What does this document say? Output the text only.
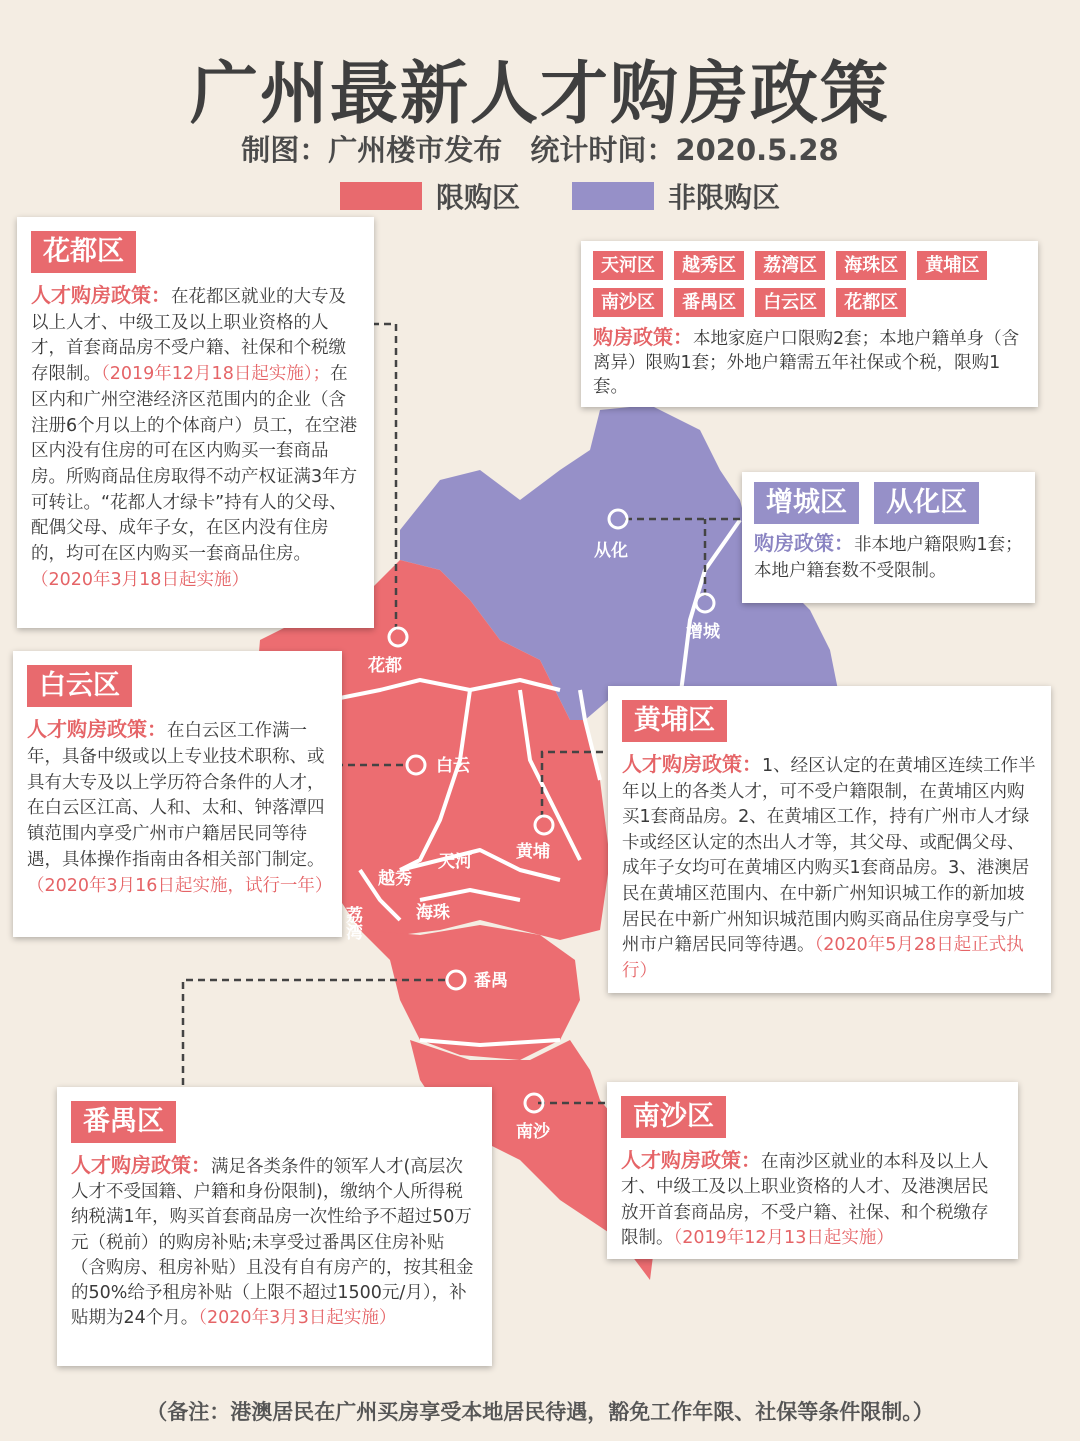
广州最新人才购房政策
制图：广州楼市发布 统计时间：2020.5.28
限购区	非限购区
从化
增城
花都
白云
黄埔
天河
越秀
荔湾	海珠
番禺
南沙
天河区 越秀区 荔湾区 海珠区 黄埔区 南沙区 番禺区 白云区 花都区
购房政策：本地家庭户口限购2套；本地户籍单身（含离异）限购1套；外地户籍需五年社保或个税，限购1套。
增城区 从化区
购房政策：非本地户籍限购1套；本地户籍套数不受限制。
花都区
人才购房政策：在花都区就业的大专及以上人才、中级工及以上职业资格的人才，首套商品房不受户籍、社保和个税缴存限制。（2019年12月18日起实施）；在区内和广州空港经济区范围内的企业（含注册6个月以上的个体商户）员工，在空港区内没有住房的可在区内购买一套商品房。所购商品住房取得不动产权证满3年方可转让。“花都人才绿卡”持有人的父母、配偶父母、成年子女，在区内没有住房的，均可在区内购买一套商品住房。（2020年3月18日起实施）
白云区
人才购房政策：在白云区工作满一年，具备中级或以上专业技术职称、或具有大专及以上学历符合条件的人才，在白云区江高、人和、太和、钟落潭四镇范围内享受广州市户籍居民同等待遇，具体操作指南由各相关部门制定。（2020年3月16日起实施，试行一年）
黄埔区
人才购房政策：1、经区认定的在黄埔区连续工作半年以上的各类人才，可不受户籍限制，在黄埔区内购买1套商品房。2、在黄埔区工作，持有广州市人才绿卡或经区认定的杰出人才等，其父母、或配偶父母、成年子女均可在黄埔区内购买1套商品房。3、港澳居民在黄埔区范围内、在中新广州知识城工作的新加坡居民在中新广州知识城范围内购买商品住房享受与广州市户籍居民同等待遇。（2020年5月28日起正式执行）
番禺区
人才购房政策：满足各类条件的领军人才(高层次人才不受国籍、户籍和身份限制)，缴纳个人所得税纳税满1年，购买首套商品房一次性给予不超过50万元（税前）的购房补贴;未享受过番禺区住房补贴（含购房、租房补贴）且没有自有房产的，按其租金的50%给予租房补贴（上限不超过1500元/月），补贴期为24个月。（2020年3月3日起实施）
南沙区
人才购房政策：在南沙区就业的本科及以上人才、中级工及以上职业资格的人才、及港澳居民放开首套商品房，不受户籍、社保、和个税缴存限制。（2019年12月13日起实施）
（备注：港澳居民在广州买房享受本地居民待遇，豁免工作年限、社保等条件限制。）
